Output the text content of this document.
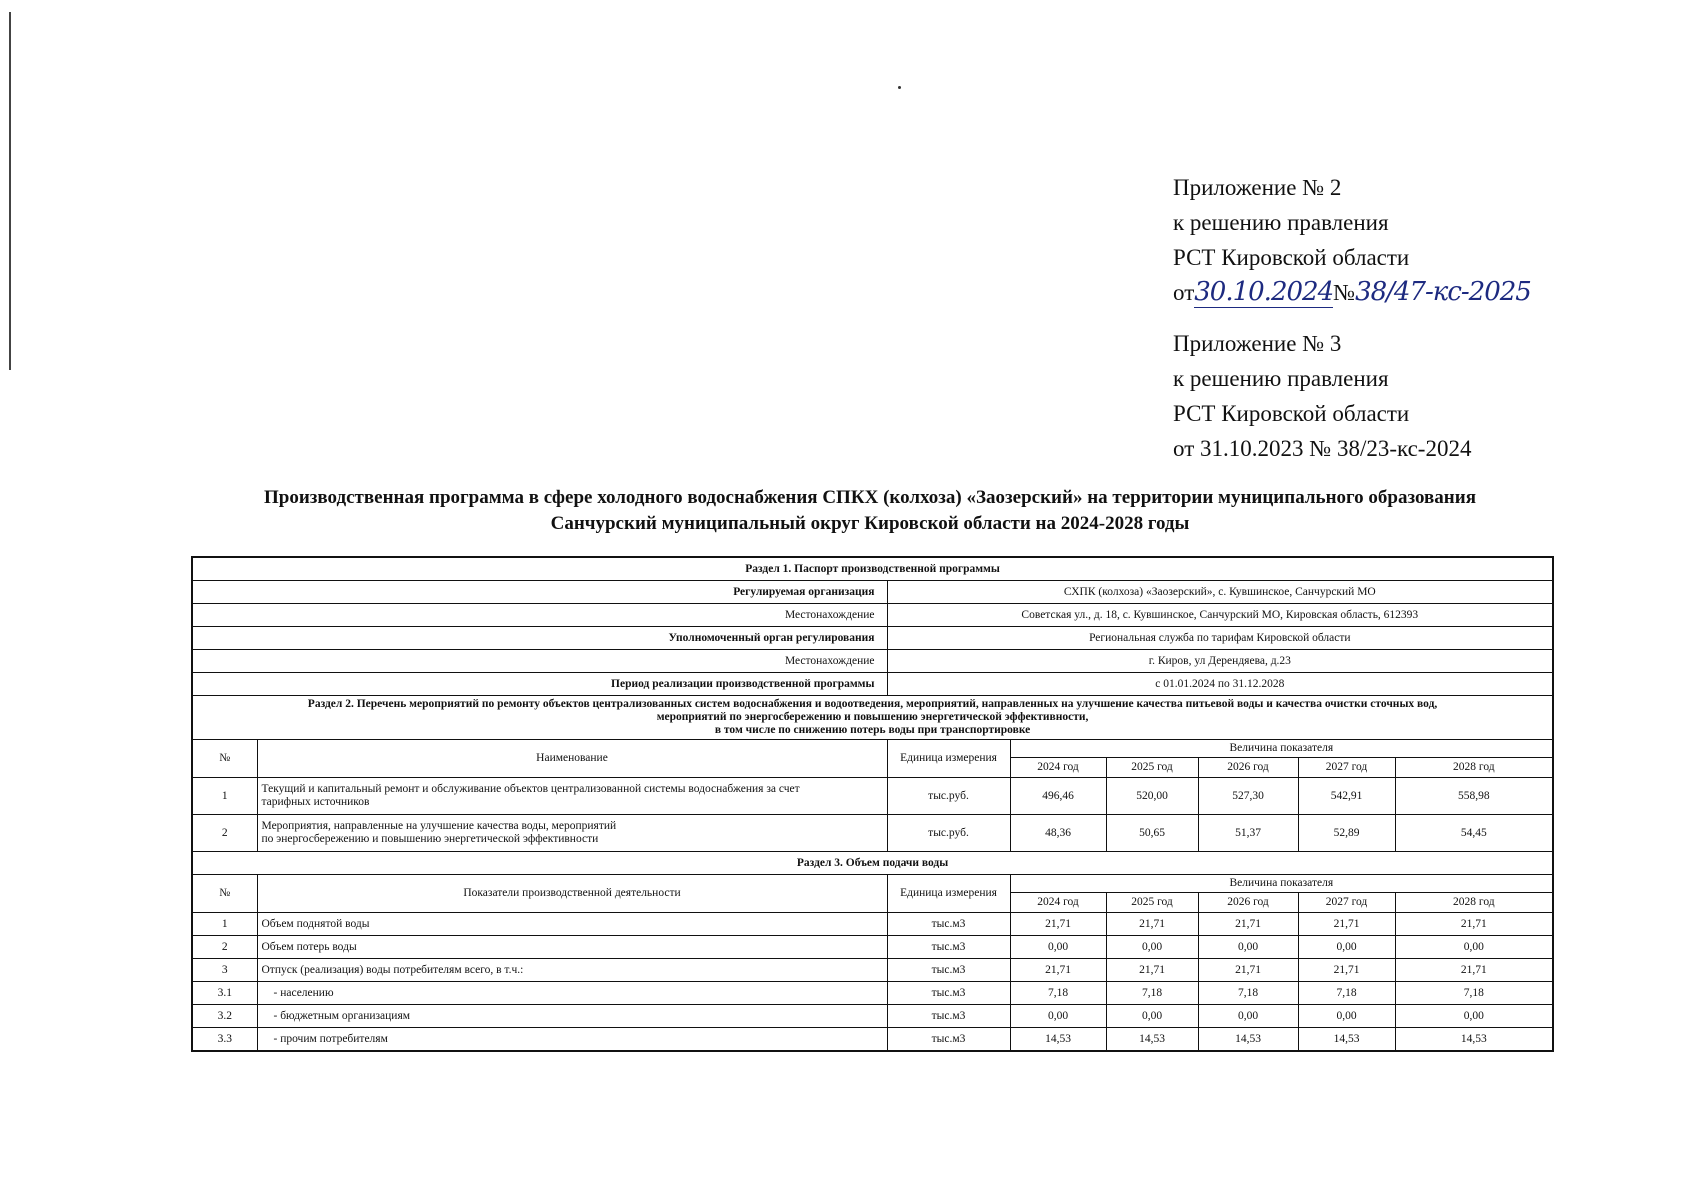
Приложение № 2
к решению правления
РСТ Кировской области
от30.10.2024№38/47-кс-2025
Приложение № 3
к решению правления
РСТ Кировской области
от 31.10.2023 № 38/23-кс-2024
Производственная программа в сфере холодного водоснабжения СПКХ (колхоза) «Заозерский» на территории муниципального образования
Санчурский муниципальный округ Кировской области на 2024-2028 годы
Раздел 1. Паспорт производственной программы							
Регулируемая организация		СХПК (колхоза) «Заозерский», с. Кувшинское, Санчурский МО					
Местонахождение		Советская ул., д. 18, с. Кувшинское, Санчурский МО, Кировская область, 612393					
Уполномоченный орган регулирования		Региональная служба по тарифам Кировской области					
Местонахождение		г. Киров, ул Дерендяева, д.23					
Период реализации производственной программы		с 01.01.2024 по 31.12.2028					

Раздел 2. Перечень мероприятий по ремонту объектов централизованных систем водоснабжения и водоотведения, мероприятий, направленных на улучшение качества питьевой воды и качества очистки сточных вод,
мероприятий по энергосбережению и повышению энергетической эффективности,
в том числе по снижению потерь воды при транспортировке							

№	Наименование	Единица измерения	Величина показателя				
			2024 год	2025 год	2026 год	2027 год	2028 год
1	Текущий и капитальный ремонт и обслуживание объектов централизованной системы водоснабжения за счет
тарифных источников	тыс.руб.	496,46	520,00	527,30	542,91	558,98
2	Мероприятия, направленные на улучшение качества воды, мероприятий
по энергосбережению и повышению энергетической эффективности	тыс.руб.	48,36	50,65	51,37	52,89	54,45
Раздел 3. Объем подачи воды							
№	Показатели производственной деятельности	Единица измерения	Величина показателя				
			2024 год	2025 год	2026 год	2027 год	2028 год
1	Объем поднятой воды	тыс.м3	21,71	21,71	21,71	21,71	21,71
2	Объем потерь воды	тыс.м3	0,00	0,00	0,00	0,00	0,00
3	Отпуск (реализация) воды потребителям всего, в т.ч.:	тыс.м3	21,71	21,71	21,71	21,71	21,71
3.1	- населению	тыс.м3	7,18	7,18	7,18	7,18	7,18
3.2	- бюджетным организациям	тыс.м3	0,00	0,00	0,00	0,00	0,00
3.3	- прочим потребителям	тыс.м3	14,53	14,53	14,53	14,53	14,53
